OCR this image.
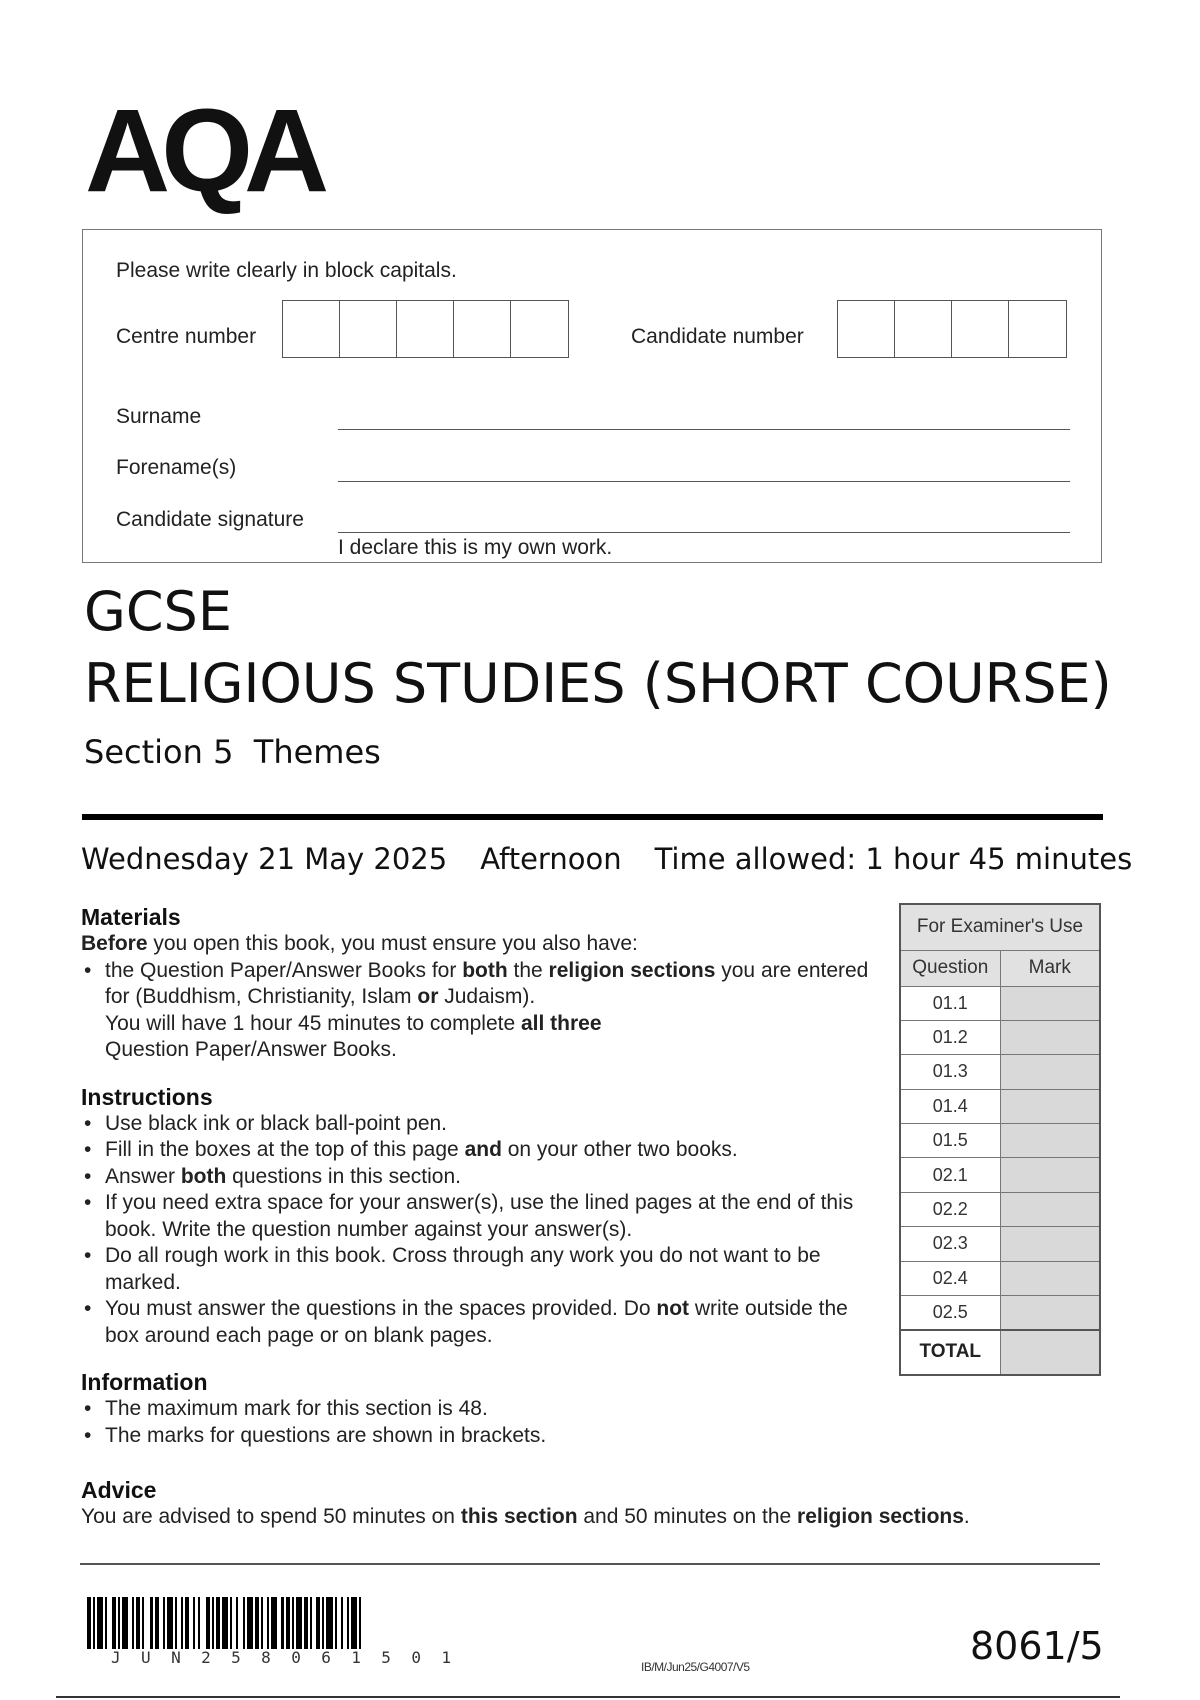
AQA
Please write clearly in block capitals.
Centre number	Candidate number
Surname
Forename(s)
Candidate signature
I declare this is my own work.
GCSE
RELIGIOUS STUDIES (SHORT COURSE)
Section 5  Themes
Wednesday 21 May 2025 Afternoon Time allowed: 1 hour 45 minutes
Materials
Before you open this book, you must ensure you also have:
• the Question Paper/Answer Books for both the religion sections you are entered for (Buddhism, Christianity, Islam or Judaism).
You will have 1 hour 45 minutes to complete all three
Question Paper/Answer Books.
Instructions
• Use black ink or black ball-point pen.
• Fill in the boxes at the top of this page and on your other two books.
• Answer both questions in this section.
• If you need extra space for your answer(s), use the lined pages at the end of this book. Write the question number against your answer(s).
• Do all rough work in this book. Cross through any work you do not want to be marked.
• You must answer the questions in the spaces provided. Do not write outside the box around each page or on blank pages.
Information
• The maximum mark for this section is 48.
• The marks for questions are shown in brackets.
Advice
You are advised to spend 50 minutes on this section and 50 minutes on the religion sections.
For Examiner's Use	
Question	Mark
01.1	
01.2	
01.3	
01.4	
01.5	
02.1	
02.2	
02.3	
02.4	
02.5	
TOTAL	
J U N 2 5 8 0 6 1 5 0 1	IB/M/Jun25/G4007/V5	8061/5
